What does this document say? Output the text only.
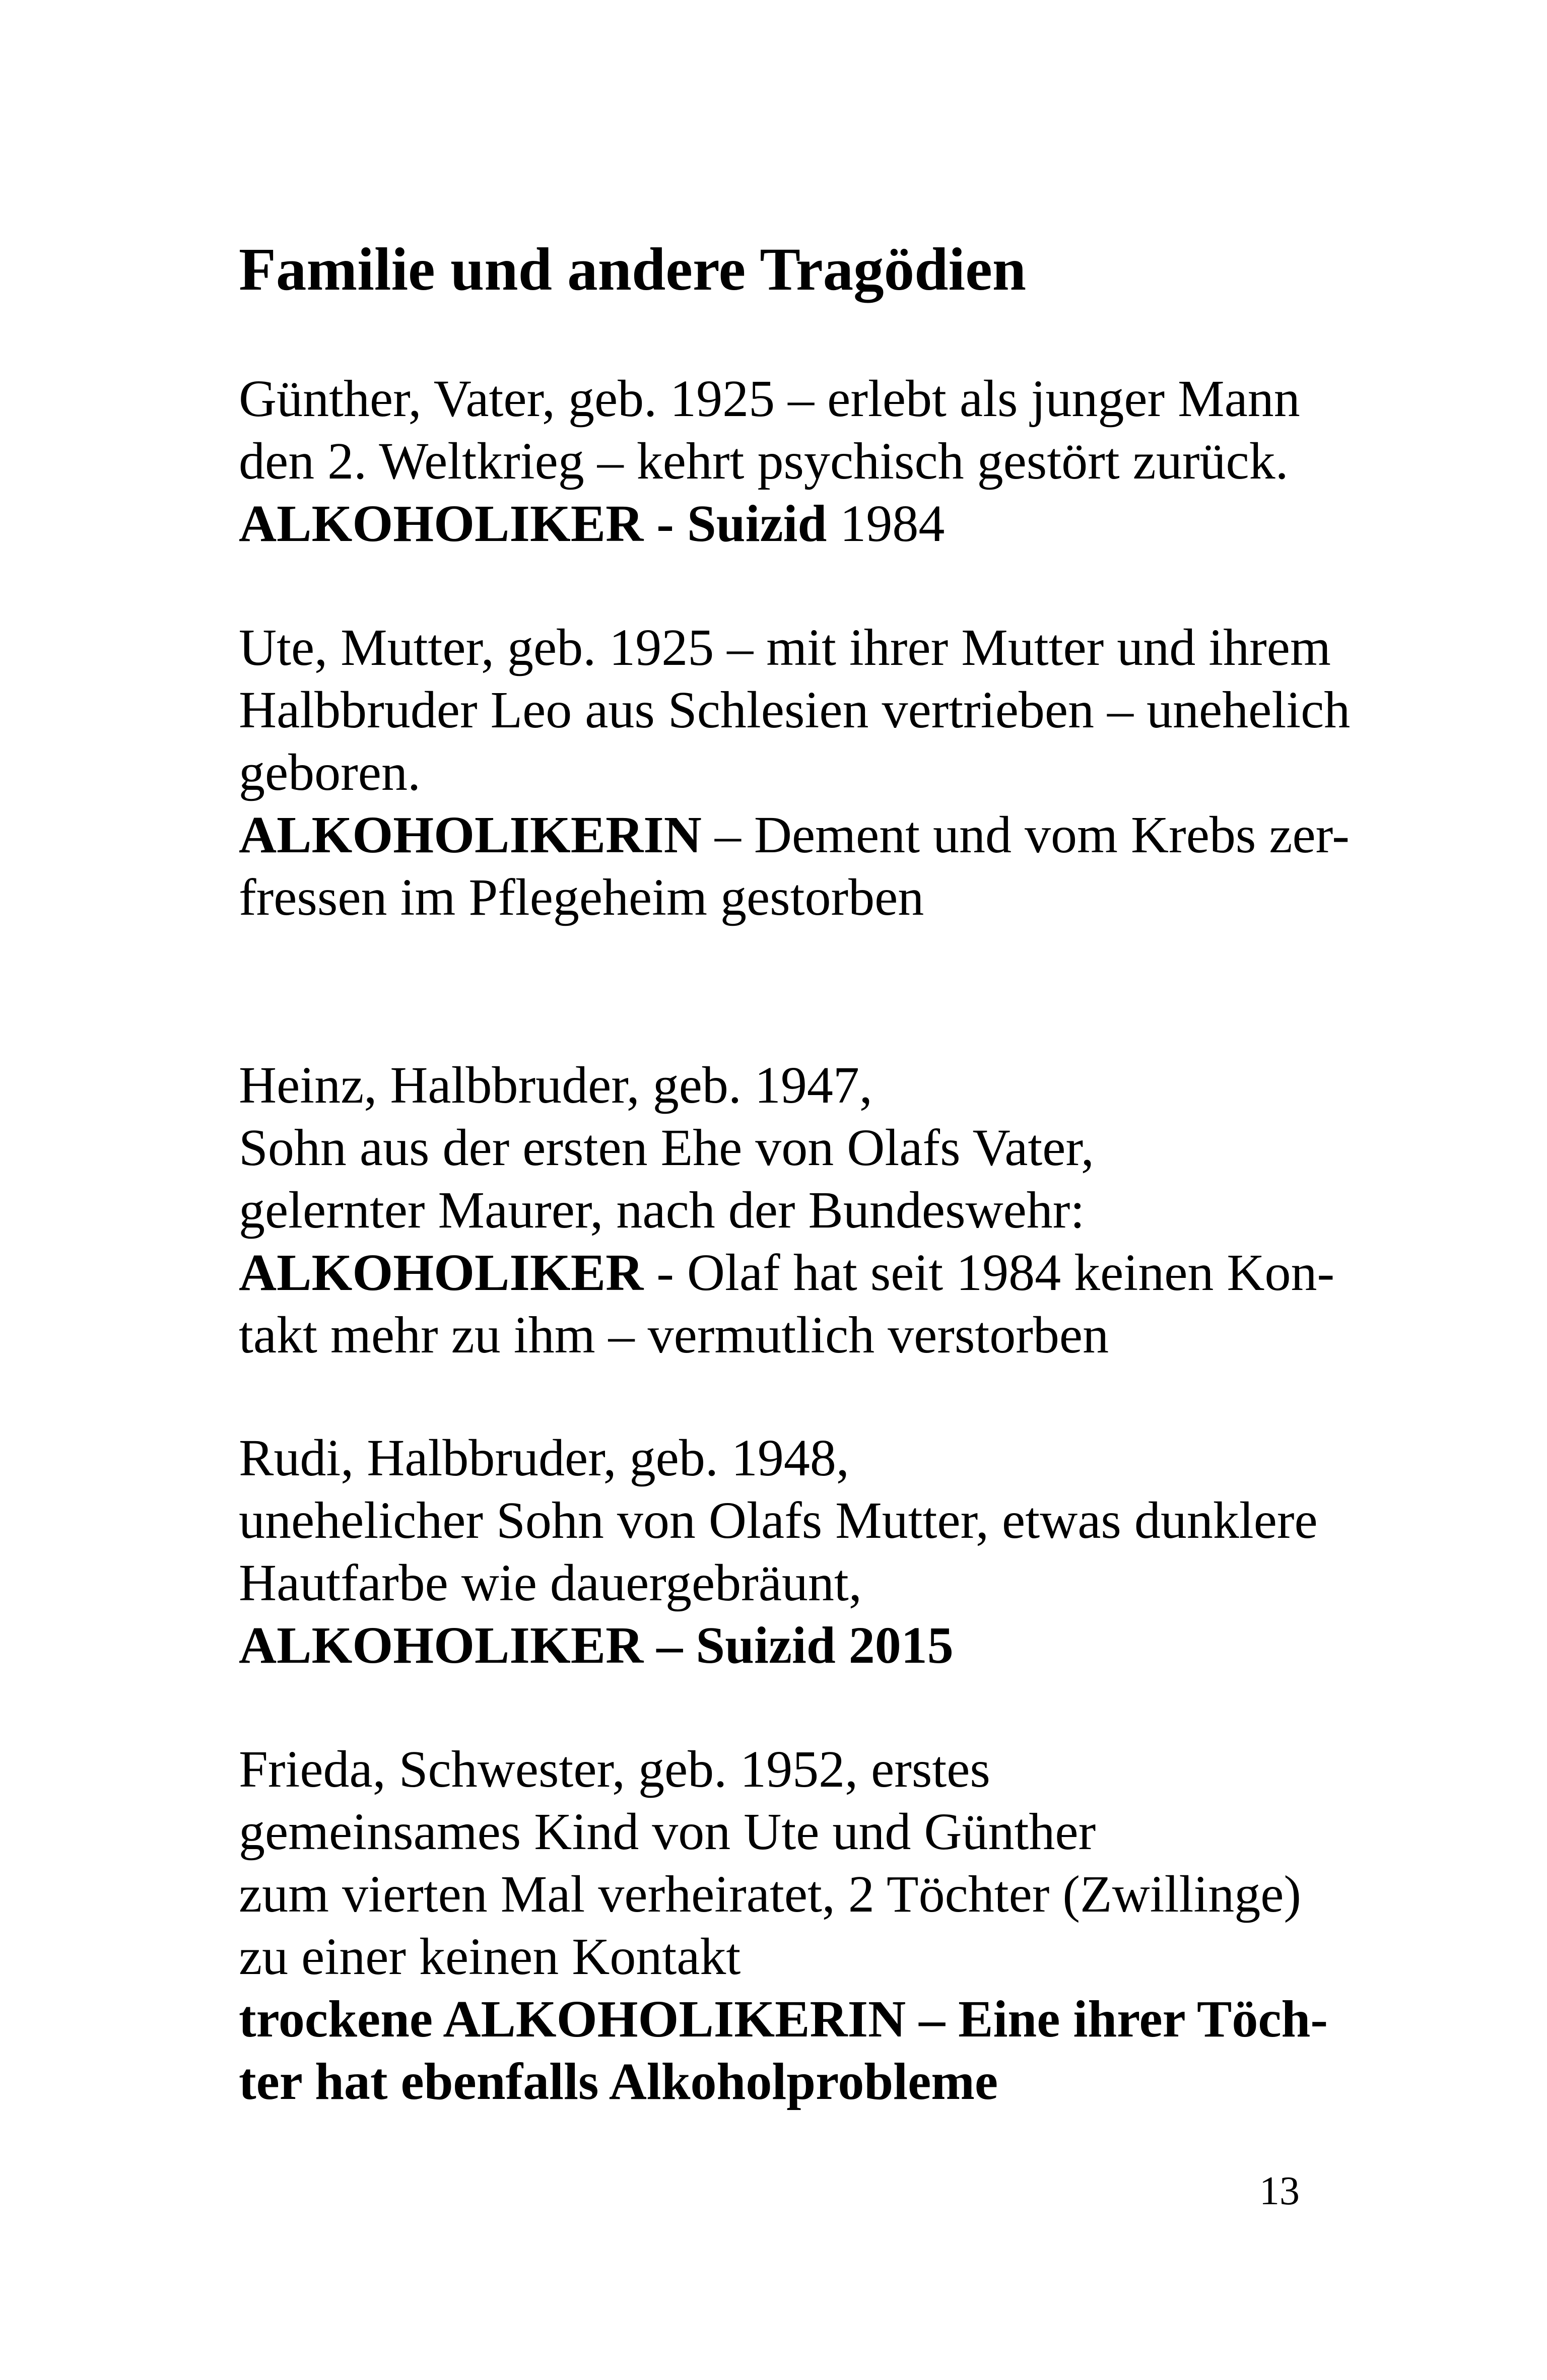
Familie und andere Tragödien
Günther, Vater, geb. 1925 – erlebt als junger Mann
den 2. Weltkrieg – kehrt psychisch gestört zurück.
ALKOHOLIKER - Suizid 1984
Ute, Mutter, geb. 1925 – mit ihrer Mutter und ihrem
Halbbruder Leo aus Schlesien vertrieben – unehelich
geboren.
ALKOHOLIKERIN – Dement und vom Krebs zer-
fressen im Pflegeheim gestorben
Heinz, Halbbruder, geb. 1947,
Sohn aus der ersten Ehe von Olafs Vater,
gelernter Maurer, nach der Bundeswehr:
ALKOHOLIKER - Olaf hat seit 1984 keinen Kon-
takt mehr zu ihm – vermutlich verstorben
Rudi, Halbbruder, geb. 1948,
unehelicher Sohn von Olafs Mutter, etwas dunklere
Hautfarbe wie dauergebräunt,
ALKOHOLIKER – Suizid 2015
Frieda, Schwester, geb. 1952, erstes
gemeinsames Kind von Ute und Günther
zum vierten Mal verheiratet, 2 Töchter (Zwillinge)
zu einer keinen Kontakt
trockene ALKOHOLIKERIN – Eine ihrer Töch-
ter hat ebenfalls Alkoholprobleme
13
